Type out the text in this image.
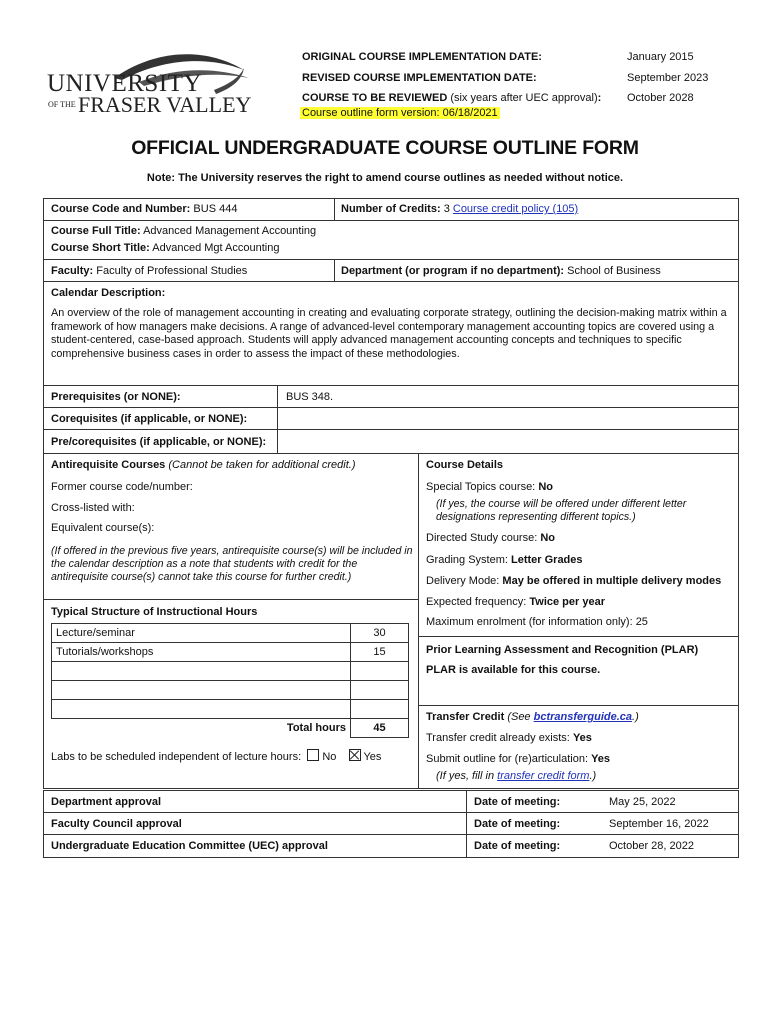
UNIVERSITY
OF THE FRASER VALLEY
ORIGINAL COURSE IMPLEMENTATION DATE:	January 2015
REVISED COURSE IMPLEMENTATION DATE:	September 2023
COURSE TO BE REVIEWED (six years after UEC approval): October 2028
Course outline form version: 06/18/2021
OFFICIAL UNDERGRADUATE COURSE OUTLINE FORM
Note: The University reserves the right to amend course outlines as needed without notice.
Course Code and Number: BUS 444	Number of Credits: 3 Course credit policy (105)
Course Full Title: Advanced Management Accounting
Course Short Title: Advanced Mgt Accounting
Faculty: Faculty of Professional Studies	Department (or program if no department): School of Business
Calendar Description:
An overview of the role of management accounting in creating and evaluating corporate strategy, outlining the decision-making matrix within a framework of how managers make decisions. A range of advanced-level contemporary management accounting topics are covered using a student-centered, case-based approach. Students will apply advanced management accounting concepts and techniques to specific comprehensive business cases in order to assess the impact of these methodologies.
Prerequisites (or NONE):	BUS 348.
Corequisites (if applicable, or NONE):
Pre/corequisites (if applicable, or NONE):
Antirequisite Courses (Cannot be taken for additional credit.)
Former course code/number:
Cross-listed with:
Equivalent course(s):
(If offered in the previous five years, antirequisite course(s) will be included in the calendar description as a note that students with credit for the antirequisite course(s) cannot take this course for further credit.)
Typical Structure of Instructional Hours
Lecture/seminar	30
Tutorials/workshops	15

Total hours	45
Labs to be scheduled independent of lecture hours: No Yes
Course Details
Special Topics course: No
(If yes, the course will be offered under different letter designations representing different topics.)
Directed Study course: No
Grading System: Letter Grades
Delivery Mode: May be offered in multiple delivery modes
Expected frequency: Twice per year
Maximum enrolment (for information only): 25
Prior Learning Assessment and Recognition (PLAR)
PLAR is available for this course.
Transfer Credit (See bctransferguide.ca.)
Transfer credit already exists: Yes
Submit outline for (re)articulation: Yes
(If yes, fill in transfer credit form.)
Department approval	Date of meeting:	May 25, 2022
Faculty Council approval	Date of meeting:	September 16, 2022
Undergraduate Education Committee (UEC) approval	Date of meeting:	October 28, 2022
